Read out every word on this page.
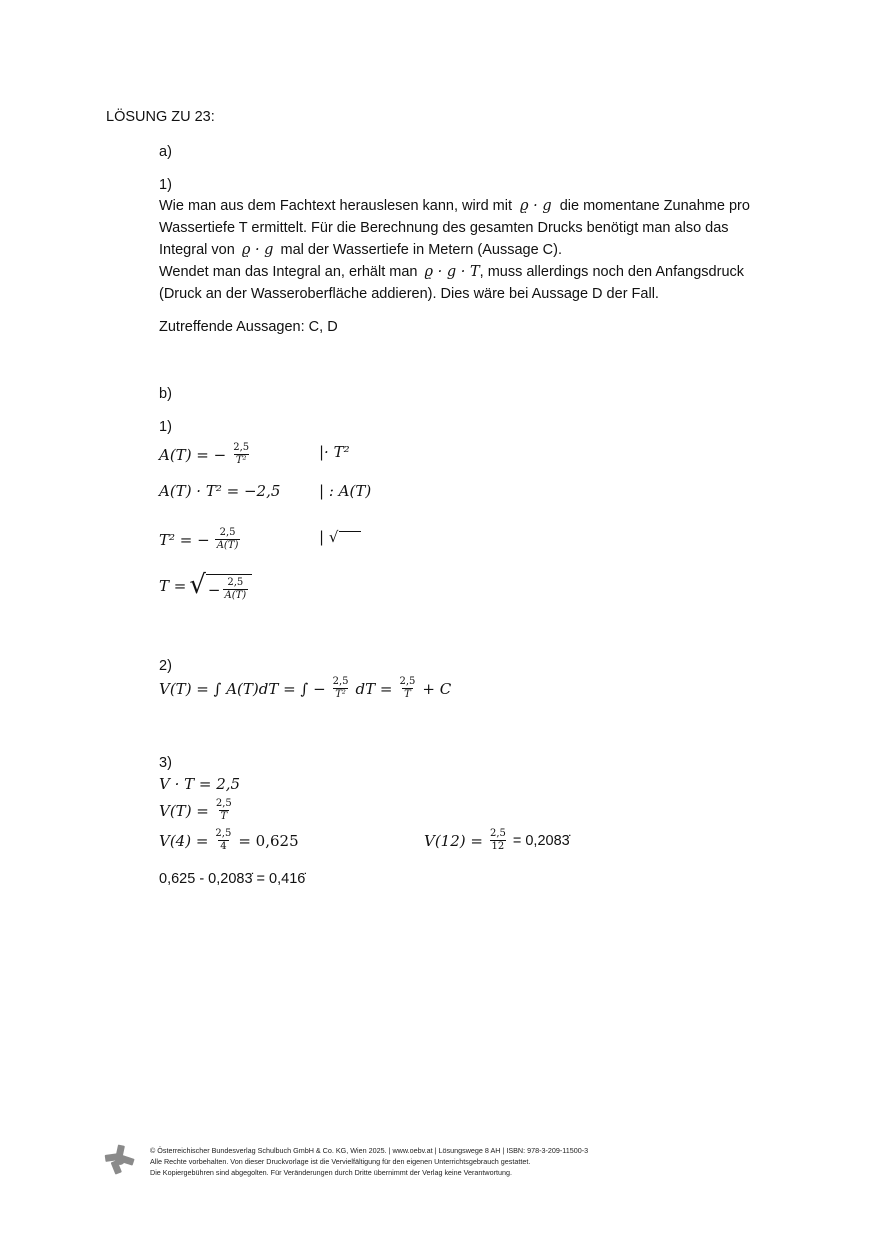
LÖSUNG ZU 23:
a)
1)
Wie man aus dem Fachtext herauslesen kann, wird mit ϱ · g die momentane Zunahme pro
Wassertiefe T ermittelt. Für die Berechnung des gesamten Drucks benötigt man also das
Integral von ϱ · g mal der Wassertiefe in Metern (Aussage C).
Wendet man das Integral an, erhält man ϱ · g · T, muss allerdings noch den Anfangsdruck
(Druck an der Wasseroberfläche addieren). Dies wäre bei Aussage D der Fall.
Zutreffende Aussagen: C, D
b)
1)
A(T) = − $\frac{2,5}{\text{T²}}$	|· T²
A(T) · T² = −2,5	| : A(T)
T² = − $\frac{2,5}{A(T)}$	| √
T = √ − $\frac{2,5}{A(T)}$
2)
V(T) = ∫ A(T)dT = ∫ − $\frac{2,5}{\text{T²}}$ dT = $\frac{2,5}{T} + C$
3)
V · T = 2,5
$V(T) = \frac{2,5}{T}$
$V(4) = \frac{2,5}{4} = 0,625$	$V(12) = \frac{2,5}{12}$ = 0,2083̇
0,625 - 0,2083̇ = 0,416̇
© Österreichischer Bundesverlag Schulbuch GmbH & Co. KG, Wien 2025. | www.oebv.at | Lösungswege 8 AH | ISBN: 978-3-209-11500-3
Alle Rechte vorbehalten. Von dieser Druckvorlage ist die Vervielfältigung für den eigenen Unterrichtsgebrauch gestattet.
Die Kopiergebühren sind abgegolten. Für Veränderungen durch Dritte übernimmt der Verlag keine Verantwortung.
